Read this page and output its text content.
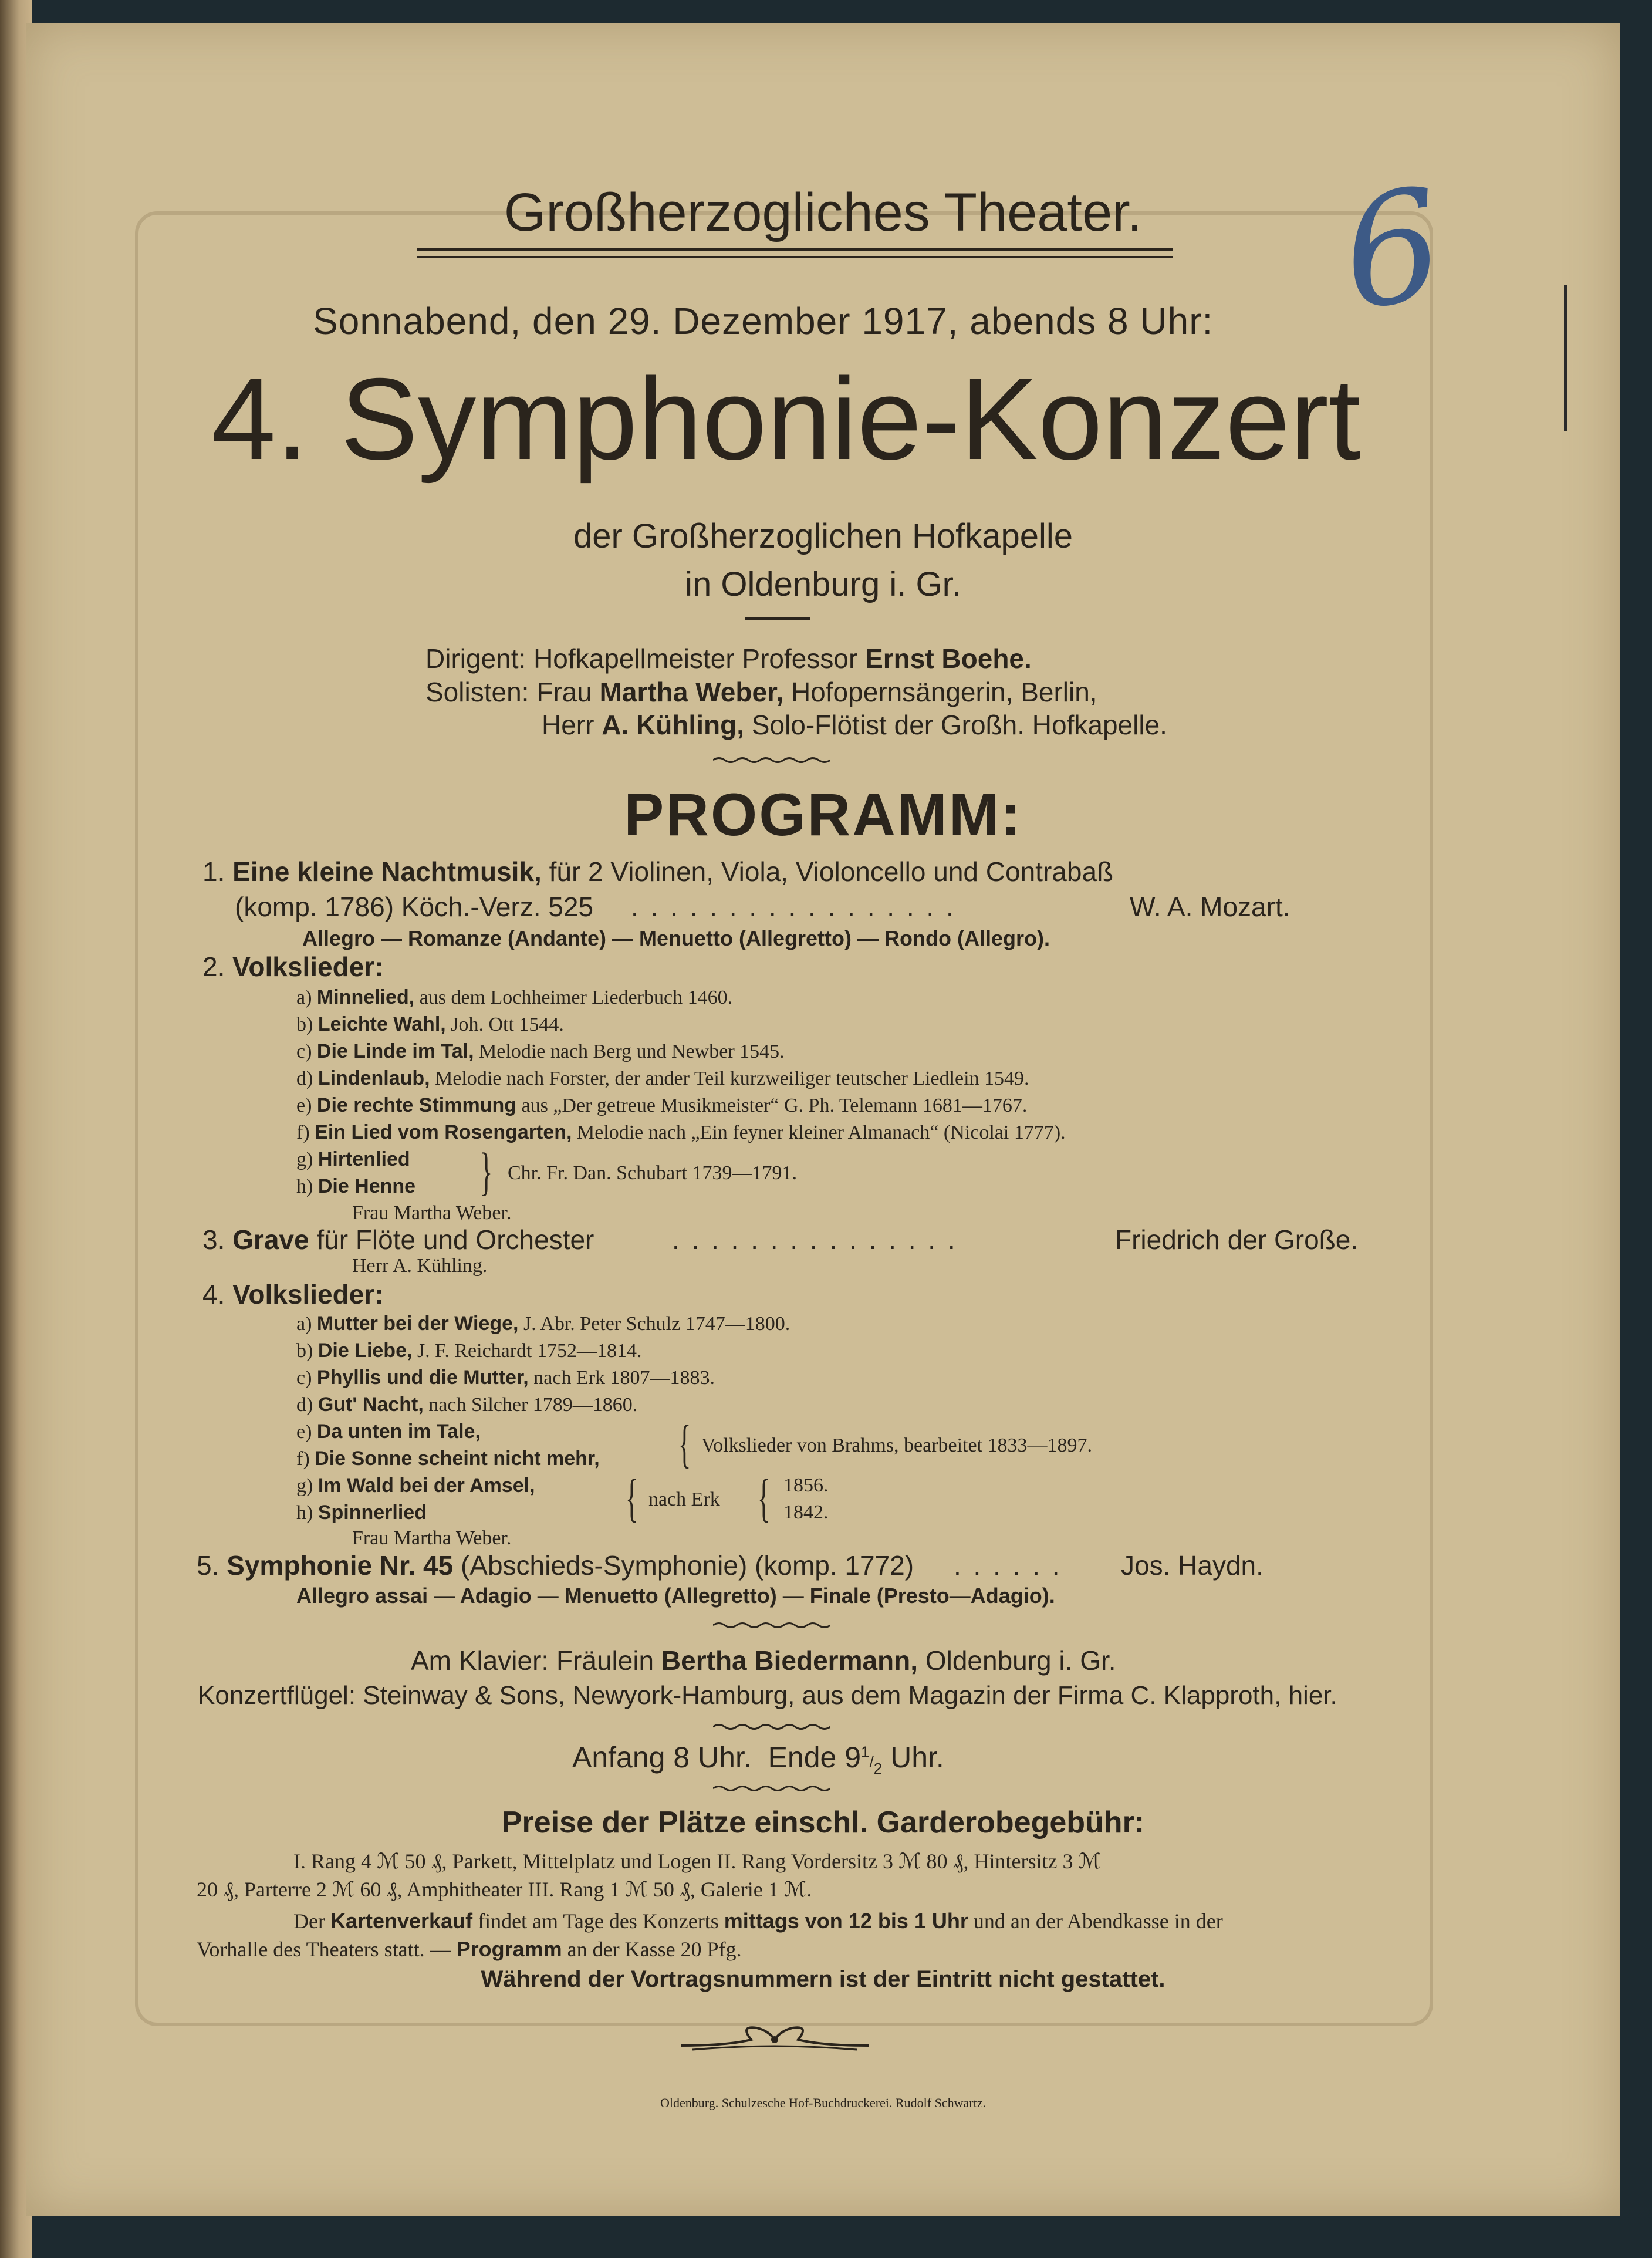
Großherzogliches Theater.
Sonnabend, den 29. Dezember 1917, abends 8 Uhr:
4. Symphonie-Konzert
der Großherzoglichen Hofkapelle
in Oldenburg i. Gr.
6
Dirigent: Hofkapellmeister Professor Ernst Boehe.
Solisten: Frau Martha Weber, Hofopernsängerin, Berlin,
Herr A. Kühling, Solo-Flötist der Großh. Hofkapelle.
PROGRAMM:
1. Eine kleine Nachtmusik, für 2 Violinen, Viola, Violoncello und Contrabaß
(komp. 1786) Köch.-Verz. 525 . . . . . . . . . . . . . . . . .	W. A. Mozart.
Allegro — Romanze (Andante) — Menuetto (Allegretto) — Rondo (Allegro).
2. Volkslieder:
a) Minnelied, aus dem Lochheimer Liederbuch 1460.
b) Leichte Wahl, Joh. Ott 1544.
c) Die Linde im Tal, Melodie nach Berg und Newber 1545.
d) Lindenlaub, Melodie nach Forster, der ander Teil kurzweiliger teutscher Liedlein 1549.
e) Die rechte Stimmung aus „Der getreue Musikmeister“ G. Ph. Telemann 1681—1767.
f) Ein Lied vom Rosengarten, Melodie nach „Ein feyner kleiner Almanach“ (Nicolai 1777).
g) Hirtenlied
h) Die Henne } Chr. Fr. Dan. Schubart 1739—1791.
Frau Martha Weber.
3. Grave für Flöte und Orchester	. . . . . . . . . . . . . . .	Friedrich der Große.
Herr A. Kühling.
4. Volkslieder:
a) Mutter bei der Wiege, J. Abr. Peter Schulz 1747—1800.
b) Die Liebe, J. F. Reichardt 1752—1814.
c) Phyllis und die Mutter, nach Erk 1807—1883.
d) Gut' Nacht, nach Silcher 1789—1860.
e) Da unten im Tale,
f) Die Sonne scheint nicht mehr, { Volkslieder von Brahms, bearbeitet 1833—1897.
g) Im Wald bei der Amsel,
h) Spinnerlied	{ nach Erk { 1856.
1842.
Frau Martha Weber.
5. Symphonie Nr. 45 (Abschieds-Symphonie) (komp. 1772) . . . . . . Jos. Haydn.
Allegro assai — Adagio — Menuetto (Allegretto) — Finale (Presto—Adagio).
Am Klavier: Fräulein Bertha Biedermann, Oldenburg i. Gr.
Konzertflügel: Steinway & Sons, Newyork-Hamburg, aus dem Magazin der Firma C. Klapproth, hier.
Anfang 8 Uhr. Ende $9^1/_2$ Uhr.
Preise der Plätze einschl. Garderobegebühr:
I. Rang 4 ℳ 50 ₰, Parkett, Mittelplatz und Logen II. Rang Vordersitz 3 ℳ 80 ₰, Hintersitz 3 ℳ
20 ₰, Parterre 2 ℳ 60 ₰, Amphitheater III. Rang 1 ℳ 50 ₰, Galerie 1 ℳ.
Der Kartenverkauf findet am Tage des Konzerts mittags von 12 bis 1 Uhr und an der Abendkasse in der
Vorhalle des Theaters statt. — Programm an der Kasse 20 Pfg.
Während der Vortragsnummern ist der Eintritt nicht gestattet.
Oldenburg. Schulzesche Hof-Buchdruckerei. Rudolf Schwartz.
